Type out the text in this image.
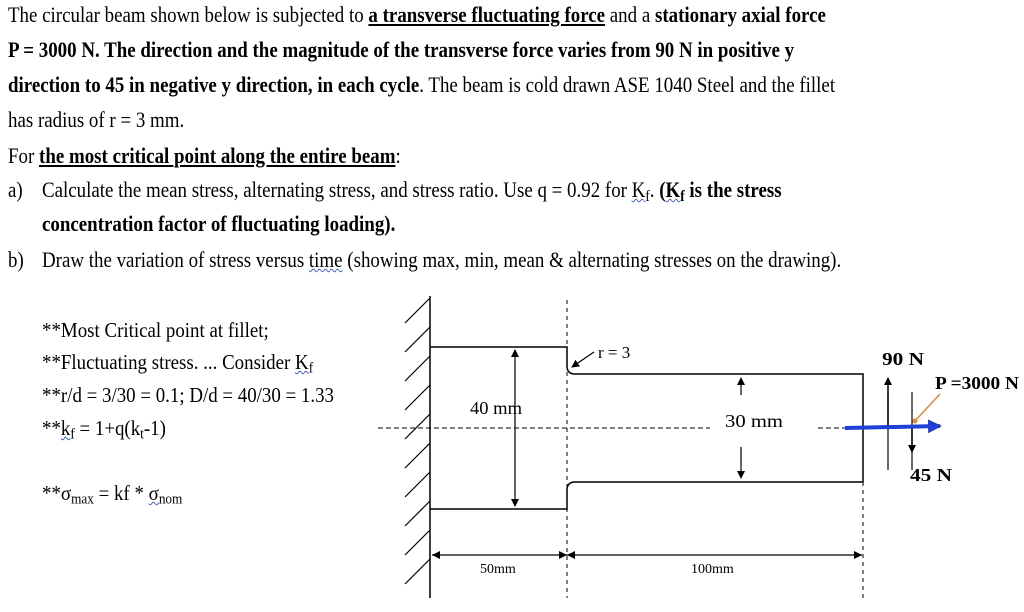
The circular beam shown below is subjected to a transverse fluctuating force and a stationary axial force
P = 3000 N. The direction and the magnitude of the transverse force varies from 90 N in positive y
direction to 45 in negative y direction, in each cycle. The beam is cold drawn ASE 1040 Steel and the fillet
has radius of r = 3 mm.
For the most critical point along the entire beam:
a) Calculate the mean stress, alternating stress, and stress ratio. Use q = 0.92 for $K_f$. ($K_f$ is the stress
concentration factor of fluctuating loading).
b) Draw the variation of stress versus time (showing max, min, mean & alternating stresses on the drawing).
**Most Critical point at fillet;
**Fluctuating stress. ... Consider $K_f$
**r/d = 3/30 = 0.1; D/d = 40/30 = 1.33
$**k_f = 1+q(k_t-1)$
$**\sigma_{max}$ = kf * $\sigma_{nom}$
40 mm
30 mm
r = 3	90 N
45 N
P =3000 N
50mm	100mm
